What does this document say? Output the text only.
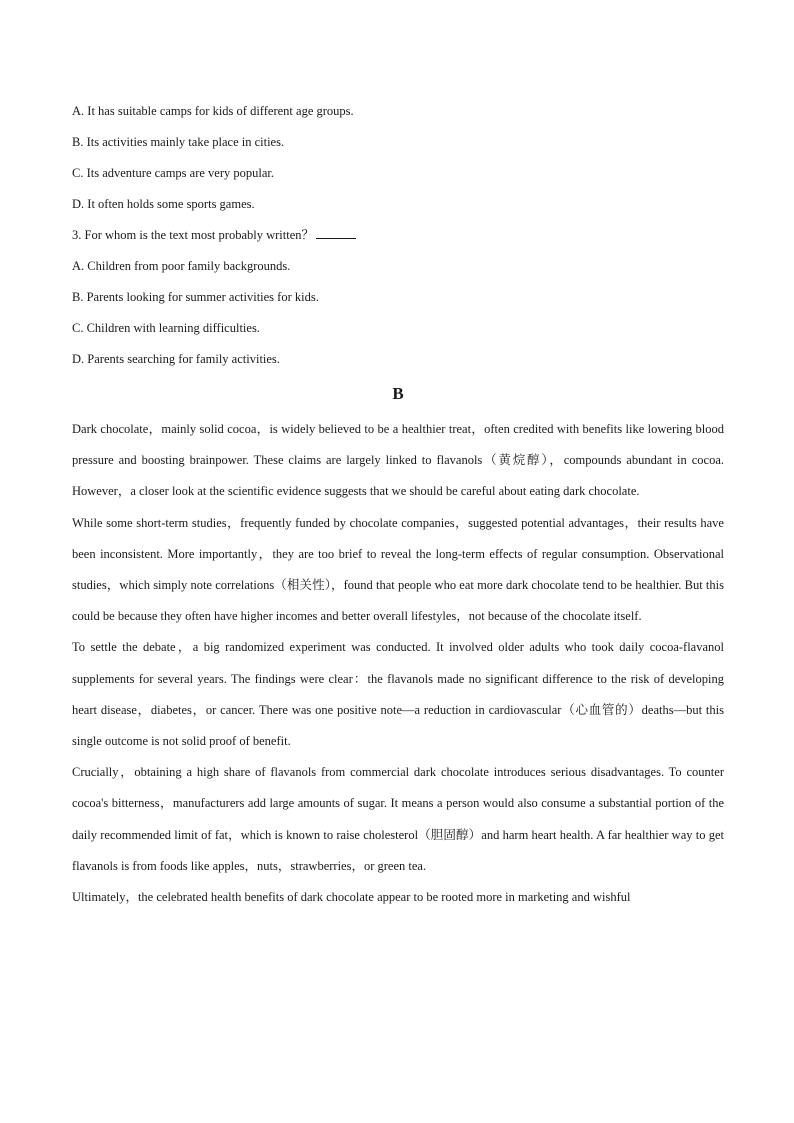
A. It has suitable camps for kids of different age groups.
B. Its activities mainly take place in cities.
C. Its adventure camps are very popular.
D. It often holds some sports games.
3. For whom is the text most probably written？
A. Children from poor family backgrounds.
B. Parents looking for summer activities for kids.
C. Children with learning difficulties.
D. Parents searching for family activities.
B

Dark chocolate，mainly solid cocoa，is widely believed to be a healthier treat，often credited with benefits like lowering blood pressure and boosting brainpower. These claims are largely linked to flavanols（黄烷醇），compounds abundant in cocoa. However，a closer look at the scientific evidence suggests that we should be careful about eating dark chocolate.

While some short-term studies，frequently funded by chocolate companies，suggested potential advantages，their results have been inconsistent. More importantly，they are too brief to reveal the long-term effects of regular consumption. Observational studies，which simply note correlations（相关性），found that people who eat more dark chocolate tend to be healthier. But this could be because they often have higher incomes and better overall lifestyles，not because of the chocolate itself.

To settle the debate，a big randomized experiment was conducted. It involved older adults who took daily cocoa-flavanol supplements for several years. The findings were clear：the flavanols made no significant difference to the risk of developing heart disease，diabetes，or cancer. There was one positive note—a reduction in cardiovascular（心血管的）deaths—but this single outcome is not solid proof of benefit.

Crucially，obtaining a high share of flavanols from commercial dark chocolate introduces serious disadvantages. To counter cocoa's bitterness，manufacturers add large amounts of sugar. It means a person would also consume a substantial portion of the daily recommended limit of fat，which is known to raise cholesterol（胆固醇）and harm heart health. A far healthier way to get flavanols is from foods like apples，nuts，strawberries，or green tea.

Ultimately，the celebrated health benefits of dark chocolate appear to be rooted more in marketing and wishful
